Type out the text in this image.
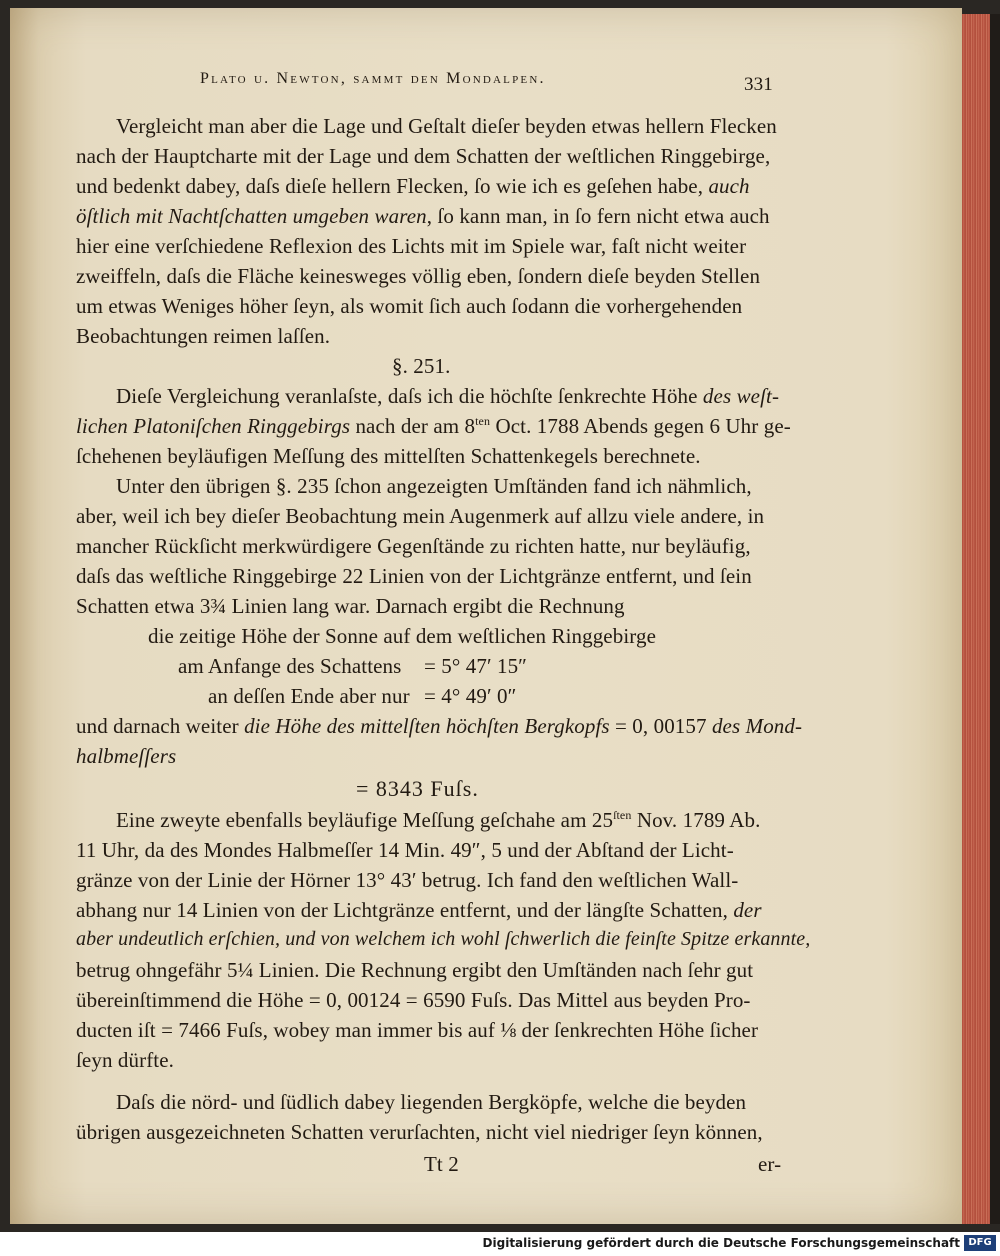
Plato u. Newton, sammt den Mondalpen.	331
Vergleicht man aber die Lage und Geſtalt dieſer beyden etwas hellern Flecken
nach der Hauptcharte mit der Lage und dem Schatten der weſtlichen Ringgebirge,
und bedenkt dabey, daſs dieſe hellern Flecken, ſo wie ich es geſehen habe, auch
öſtlich mit Nachtſchatten umgeben waren, ſo kann man, in ſo fern nicht etwa auch
hier eine verſchiedene Reflexion des Lichts mit im Spiele war, faſt nicht weiter
zweiffeln, daſs die Fläche keinesweges völlig eben, ſondern dieſe beyden Stellen
um etwas Weniges höher ſeyn, als womit ſich auch ſodann die vorhergehenden
Beobachtungen reimen laſſen.
§. 251.
Dieſe Vergleichung veranlaſste, daſs ich die höchſte ſenkrechte Höhe des weſt-
lichen Platoniſchen Ringgebirgs nach der am $8^{ten}$ Oct. 1788 Abends gegen 6 Uhr ge-
ſchehenen beyläufigen Meſſung des mittelſten Schattenkegels berechnete.
Unter den übrigen §. 235 ſchon angezeigten Umſtänden fand ich nähmlich,
aber, weil ich bey dieſer Beobachtung mein Augenmerk auf allzu viele andere, in
mancher Rückſicht merkwürdigere Gegenſtände zu richten hatte, nur beyläufig,
daſs das weſtliche Ringgebirge 22 Linien von der Lichtgränze entfernt, und ſein
Schatten etwa 3¾ Linien lang war. Darnach ergibt die Rechnung
die zeitige Höhe der Sonne auf dem weſtlichen Ringgebirge
am Anfange des Schattens = 5° 47′ 15″
an deſſen Ende aber nur = 4° 49′ 0″
und darnach weiter die Höhe des mittelſten höchſten Bergkopfs = 0, 00157 des Mond-
halbmeſſers
= 8343 Fuſs.
Eine zweyte ebenfalls beyläufige Meſſung geſchahe am $25^{ſten}$ Nov. 1789 Ab.
11 Uhr, da des Mondes Halbmeſſer 14 Min. 49″, 5 und der Abſtand der Licht-
gränze von der Linie der Hörner 13° 43′ betrug. Ich fand den weſtlichen Wall-
abhang nur 14 Linien von der Lichtgränze entfernt, und der längſte Schatten, der
aber undeutlich erſchien, und von welchem ich wohl ſchwerlich die feinſte Spitze erkannte,
betrug ohngefähr 5¼ Linien. Die Rechnung ergibt den Umſtänden nach ſehr gut
übereinſtimmend die Höhe = 0, 00124 = 6590 Fuſs. Das Mittel aus beyden Pro-
ducten iſt = 7466 Fuſs, wobey man immer bis auf ⅛ der ſenkrechten Höhe ſicher
ſeyn dürfte.
Daſs die nörd- und ſüdlich dabey liegenden Bergköpfe, welche die beyden
übrigen ausgezeichneten Schatten verurſachten, nicht viel niedriger ſeyn können,
Tt 2	er-
Digitalisierung gefördert durch die Deutsche Forschungsgemeinschaft DFG
